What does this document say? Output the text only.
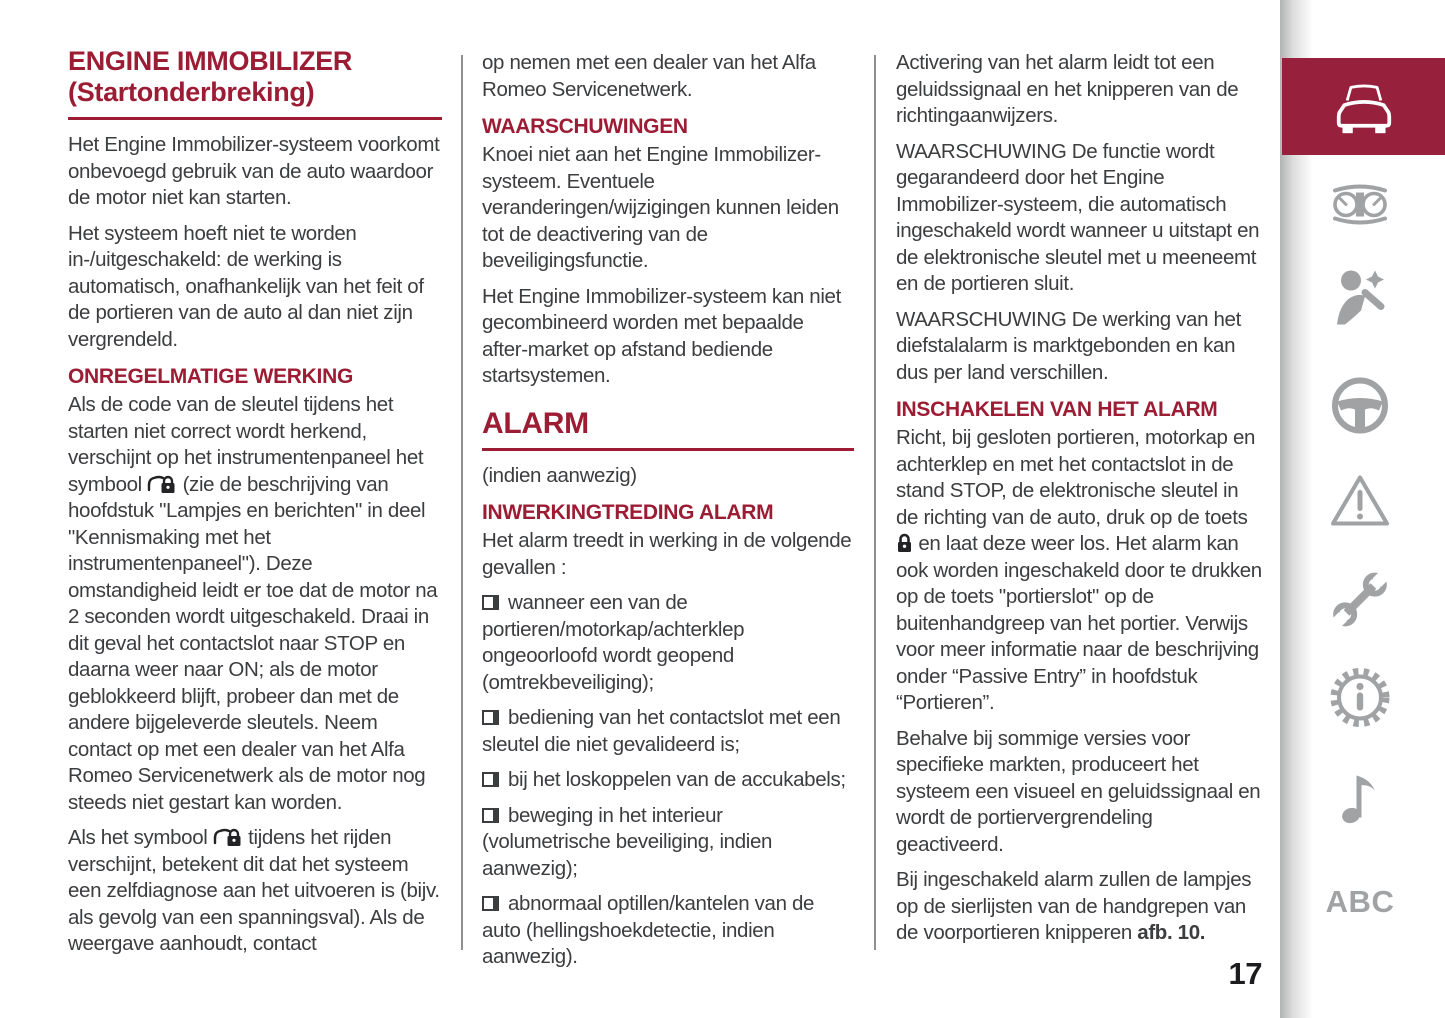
ENGINE IMMOBILIZER (Startonderbreking)

Het Engine Immobilizer-systeem voorkomt onbevoegd gebruik van de auto waardoor de motor niet kan starten.

Het systeem hoeft niet te worden in-/uitgeschakeld: de werking is automatisch, onafhankelijk van het feit of de portieren van de auto al dan niet zijn vergrendeld.

ONREGELMATIGE WERKING

Als de code van de sleutel tijdens het starten niet correct wordt herkend, verschijnt op het instrumentenpaneel het symbool  (zie de beschrijving van hoofdstuk "Lampjes en berichten" in deel "Kennismaking met het instrumentenpaneel"). Deze omstandigheid leidt er toe dat de motor na 2 seconden wordt uitgeschakeld. Draai in dit geval het contactslot naar STOP en daarna weer naar ON; als de motor geblokkeerd blijft, probeer dan met de andere bijgeleverde sleutels. Neem contact op met een dealer van het Alfa Romeo Servicenetwerk als de motor nog steeds niet gestart kan worden.

Als het symbool  tijdens het rijden verschijnt, betekent dit dat het systeem een zelfdiagnose aan het uitvoeren is (bijv. als gevolg van een spanningsval). Als de weergave aanhoudt, contact

op nemen met een dealer van het Alfa Romeo Servicenetwerk.

WAARSCHUWINGEN

Knoei niet aan het Engine Immobilizer-systeem. Eventuele veranderingen/wijzigingen kunnen leiden tot de deactivering van de beveiligingsfunctie.

Het Engine Immobilizer-systeem kan niet gecombineerd worden met bepaalde after-market op afstand bediende startsystemen.

ALARM

(indien aanwezig)

INWERKINGTREDING ALARM

Het alarm treedt in werking in de volgende gevallen :

wanneer een van de portieren/motorkap/achterklep ongeoorloofd wordt geopend (omtrekbeveiliging);

bediening van het contactslot met een sleutel die niet gevalideerd is;

bij het loskoppelen van de accukabels;

beweging in het interieur (volumetrische beveiliging, indien aanwezig);

abnormaal optillen/kantelen van de auto (hellingshoekdetectie, indien aanwezig).

Activering van het alarm leidt tot een geluidssignaal en het knipperen van de richtingaanwijzers.

WAARSCHUWING De functie wordt gegarandeerd door het Engine Immobilizer-systeem, die automatisch ingeschakeld wordt wanneer u uitstapt en de elektronische sleutel met u meeneemt en de portieren sluit.

WAARSCHUWING De werking van het diefstalalarm is marktgebonden en kan dus per land verschillen.

INSCHAKELEN VAN HET ALARM

Richt, bij gesloten portieren, motorkap en achterklep en met het contactslot in de stand STOP, de elektronische sleutel in de richting van de auto, druk op de toets  en laat deze weer los. Het alarm kan ook worden ingeschakeld door te drukken op de toets "portierslot" op de buitenhandgreep van het portier. Verwijs voor meer informatie naar de beschrijving onder “Passive Entry” in hoofdstuk “Portieren”.

Behalve bij sommige versies voor specifieke markten, produceert het systeem een visueel en geluidssignaal en wordt de portiervergrendeling geactiveerd.

Bij ingeschakeld alarm zullen de lampjes op de sierlijsten van de handgrepen van de voorportieren knipperen afb. 10.

17
ABC
